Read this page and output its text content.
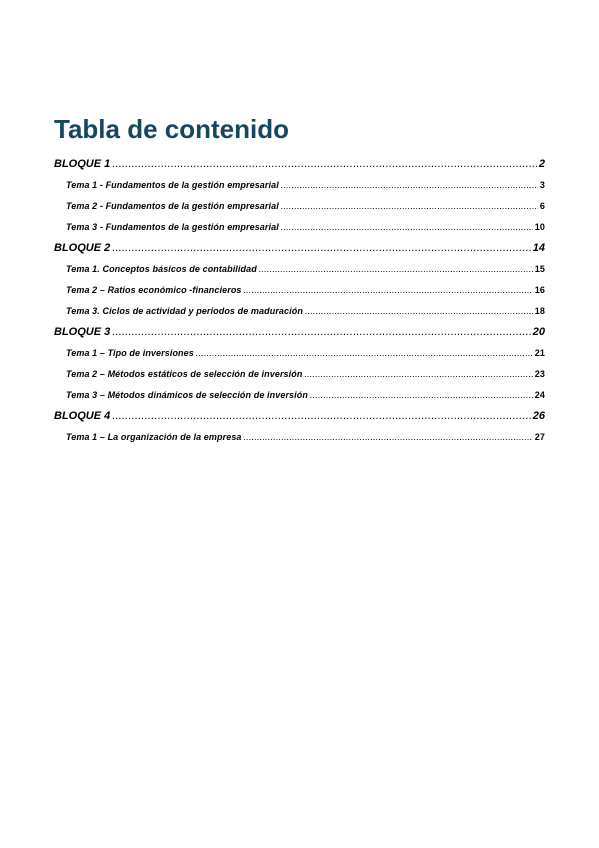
Tabla de contenido
BLOQUE 1 .....	2
Tema 1 - Fundamentos de la gestión empresarial .....	3
Tema 2 - Fundamentos de la gestión empresarial .....	6
Tema 3 - Fundamentos de la gestión empresarial .....	10
BLOQUE 2 .....	14
Tema 1. Conceptos básicos de contabilidad .....	15
Tema 2 – Ratios económico -financieros .....	16
Tema 3. Ciclos de actividad y periodos de maduración .....	18
BLOQUE 3 .....	20
Tema 1 – Tipo de inversiones .....	21
Tema 2 – Métodos estáticos de selección de inversión .....	23
Tema 3 – Métodos dinámicos de selección de inversión .....	24
BLOQUE 4 .....	26
Tema 1 – La organización de la empresa .....	27
